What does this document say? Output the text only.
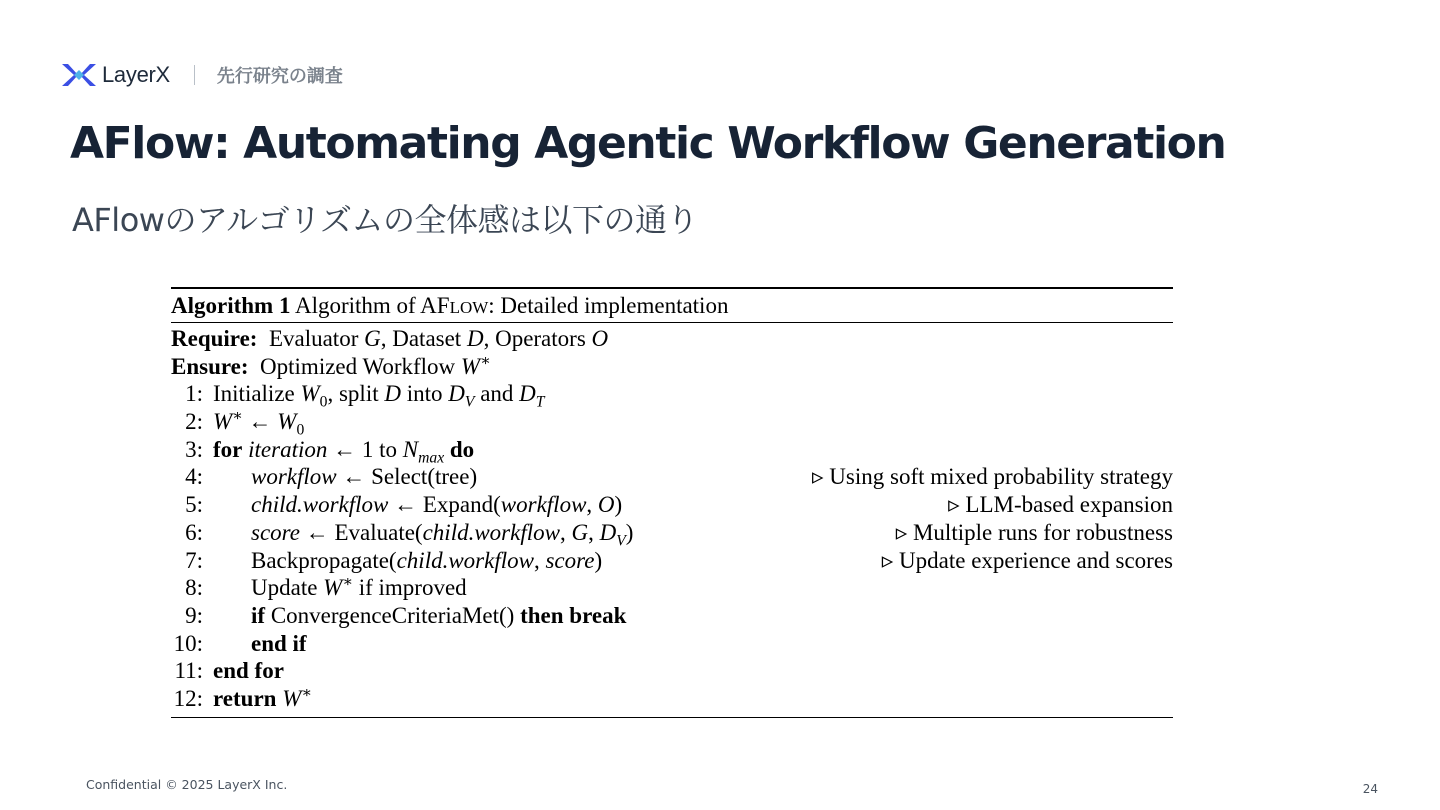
LayerX	先行研究の調査
AFlow: Automating Agentic Workflow Generation
AFlowのアルゴリズムの全体感は以下の通り
Algorithm 1 Algorithm of AFLOW: Detailed implementation
Require: Evaluator G, Dataset D, Operators O
Ensure: Optimized Workflow W∗
1: Initialize $W_0$, split D into $D_V$ and $D_T$
2: W∗ ← $W_0$
3: for iteration ← 1 to $N_{max}$ do
4: workflow ← Select(tree)	▹ Using soft mixed probability strategy
5: child.workflow ← Expand(workflow, O)	▹ LLM-based expansion
6: score ← Evaluate(child.workflow, G, $D_V$)	▹ Multiple runs for robustness
7: Backpropagate(child.workflow, score)	▹ Update experience and scores
8: Update W∗ if improved
9: if ConvergenceCriteriaMet() then break
10: end if
11: end for
12: return W∗
Confidential © 2025 LayerX Inc.	24
